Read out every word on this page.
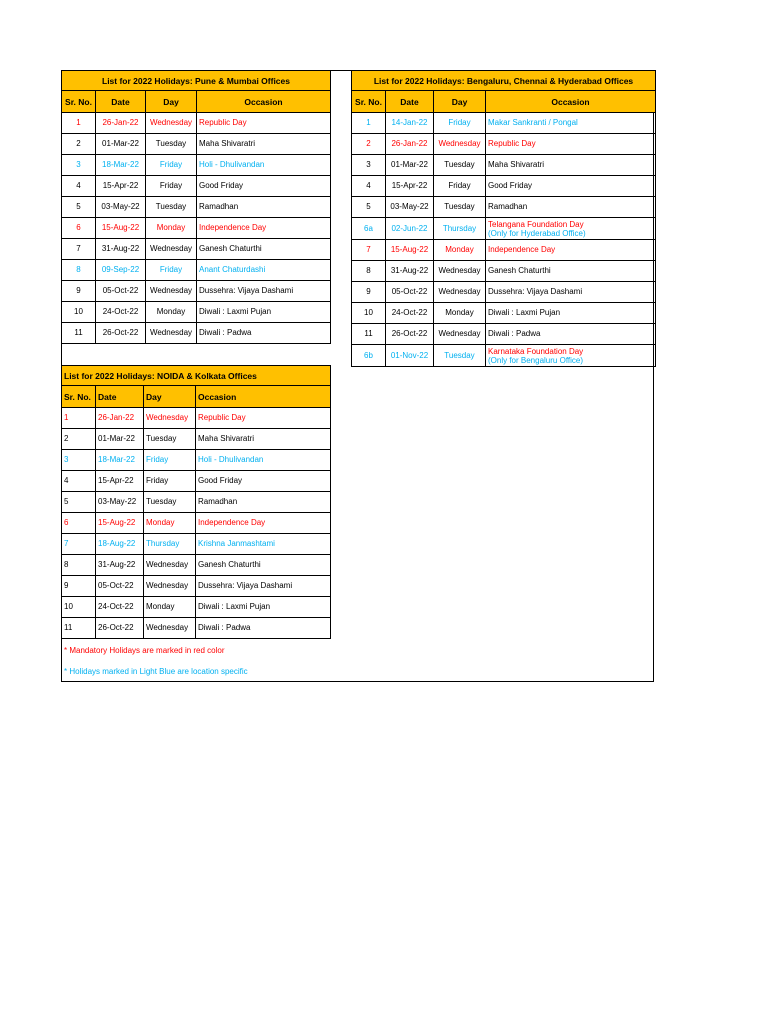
List for 2022 Holidays: Pune & Mumbai Offices			
Sr. No.	Date	Day	Occasion
1	26-Jan-22	Wednesday	Republic Day
2	01-Mar-22	Tuesday	Maha Shivaratri
3	18-Mar-22	Friday	Holi - Dhulivandan
4	15-Apr-22	Friday	Good Friday
5	03-May-22	Tuesday	Ramadhan
6	15-Aug-22	Monday	Independence Day
7	31-Aug-22	Wednesday	Ganesh Chaturthi
8	09-Sep-22	Friday	Anant Chaturdashi
9	05-Oct-22	Wednesday	Dussehra: Vijaya Dashami
10	24-Oct-22	Monday	Diwali : Laxmi Pujan
11	26-Oct-22	Wednesday	Diwali : Padwa
List for 2022 Holidays: Bengaluru, Chennai & Hyderabad Offices			
Sr. No.	Date	Day	Occasion
1	14-Jan-22	Friday	Makar Sankranti / Pongal
2	26-Jan-22	Wednesday	Republic Day
3	01-Mar-22	Tuesday	Maha Shivaratri
4	15-Apr-22	Friday	Good Friday
5	03-May-22	Tuesday	Ramadhan
6a	02-Jun-22	Thursday	Telangana Foundation Day
(Only for Hyderabad Office)

7	15-Aug-22	Monday	Independence Day
8	31-Aug-22	Wednesday	Ganesh Chaturthi
9	05-Oct-22	Wednesday	Dussehra: Vijaya Dashami
10	24-Oct-22	Monday	Diwali : Laxmi Pujan
11	26-Oct-22	Wednesday	Diwali : Padwa
6b	01-Nov-22	Tuesday	Karnataka Foundation Day
(Only for Bengaluru Office)
List for 2022 Holidays: NOIDA & Kolkata Offices			
Sr. No.	Date	Day	Occasion
1	26-Jan-22	Wednesday	Republic Day
2	01-Mar-22	Tuesday	Maha Shivaratri
3	18-Mar-22	Friday	Holi - Dhulivandan
4	15-Apr-22	Friday	Good Friday
5	03-May-22	Tuesday	Ramadhan
6	15-Aug-22	Monday	Independence Day
7	18-Aug-22	Thursday	Krishna Janmashtami
8	31-Aug-22	Wednesday	Ganesh Chaturthi
9	05-Oct-22	Wednesday	Dussehra: Vijaya Dashami
10	24-Oct-22	Monday	Diwali : Laxmi Pujan
11	26-Oct-22	Wednesday	Diwali : Padwa
* Mandatory Holidays are marked in red color
* Holidays marked in Light Blue are location specific
